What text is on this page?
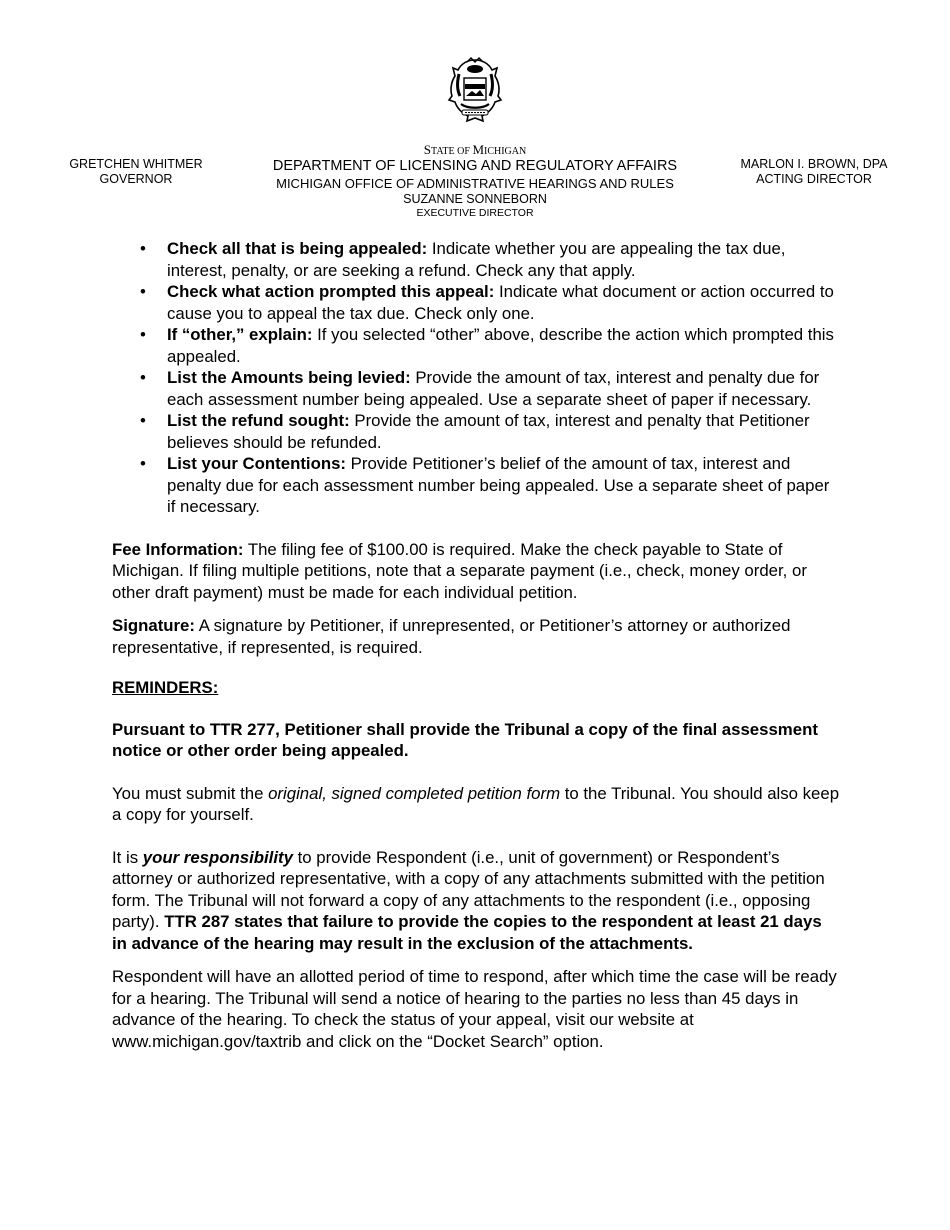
STATE OF MICHIGAN
DEPARTMENT OF LICENSING AND REGULATORY AFFAIRS
MICHIGAN OFFICE OF ADMINISTRATIVE HEARINGS AND RULES
SUZANNE SONNEBORN
EXECUTIVE DIRECTOR
GRETCHEN WHITMER
GOVERNOR
MARLON I. BROWN, DPA
ACTING DIRECTOR
• Check all that is being appealed: Indicate whether you are appealing the tax due, interest, penalty, or are seeking a refund. Check any that apply.
• Check what action prompted this appeal: Indicate what document or action occurred to cause you to appeal the tax due. Check only one.
• If “other,” explain: If you selected “other” above, describe the action which prompted this appealed.
• List the Amounts being levied: Provide the amount of tax, interest and penalty due for each assessment number being appealed. Use a separate sheet of paper if necessary.
• List the refund sought: Provide the amount of tax, interest and penalty that Petitioner believes should be refunded.
• List your Contentions: Provide Petitioner’s belief of the amount of tax, interest and penalty due for each assessment number being appealed. Use a separate sheet of paper if necessary.

Fee Information: The filing fee of $100.00 is required. Make the check payable to State of Michigan. If filing multiple petitions, note that a separate payment (i.e., check, money order, or other draft payment) must be made for each individual petition.

Signature: A signature by Petitioner, if unrepresented, or Petitioner’s attorney or authorized representative, if represented, is required.

REMINDERS:

Pursuant to TTR 277, Petitioner shall provide the Tribunal a copy of the final assessment notice or other order being appealed.

You must submit the original, signed completed petition form to the Tribunal. You should also keep a copy for yourself.

It is your responsibility to provide Respondent (i.e., unit of government) or Respondent’s attorney or authorized representative, with a copy of any attachments submitted with the petition form. The Tribunal will not forward a copy of any attachments to the respondent (i.e., opposing party). TTR 287 states that failure to provide the copies to the respondent at least 21 days in advance of the hearing may result in the exclusion of the attachments.

Respondent will have an allotted period of time to respond, after which time the case will be ready for a hearing. The Tribunal will send a notice of hearing to the parties no less than 45 days in advance of the hearing. To check the status of your appeal, visit our website at www.michigan.gov/taxtrib and click on the “Docket Search” option.
